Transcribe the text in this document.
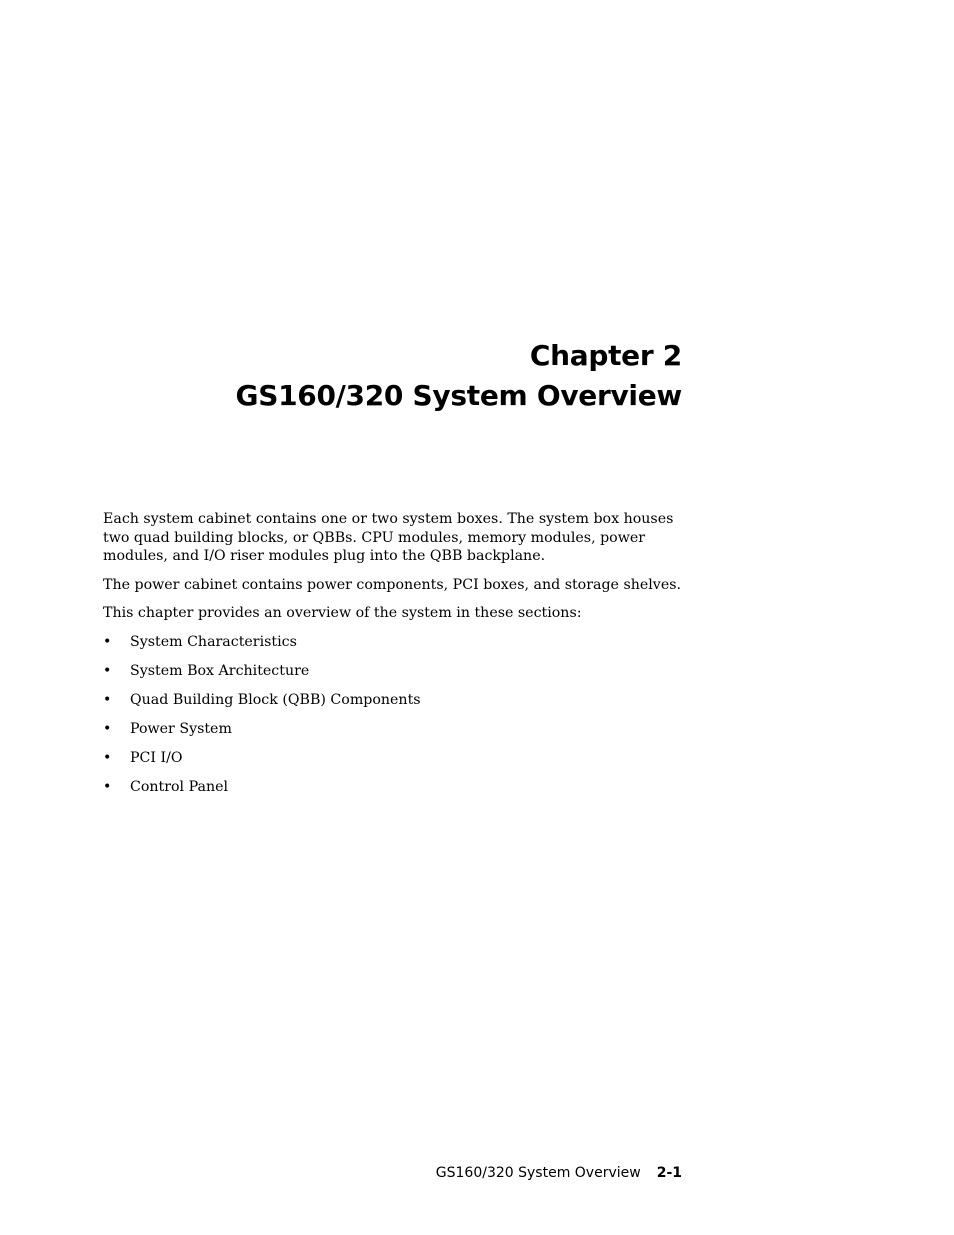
Chapter 2
GS160/320 System Overview

Each system cabinet contains one or two system boxes. The system box houses two quad building blocks, or QBBs. CPU modules, memory modules, power modules, and I/O riser modules plug into the QBB backplane.

The power cabinet contains power components, PCI boxes, and storage shelves.

This chapter provides an overview of the system in these sections:

• System Characteristics
• System Box Architecture
• Quad Building Block (QBB) Components
• Power System
• PCI I/O
• Control Panel
GS160/320 System Overview 2-1
